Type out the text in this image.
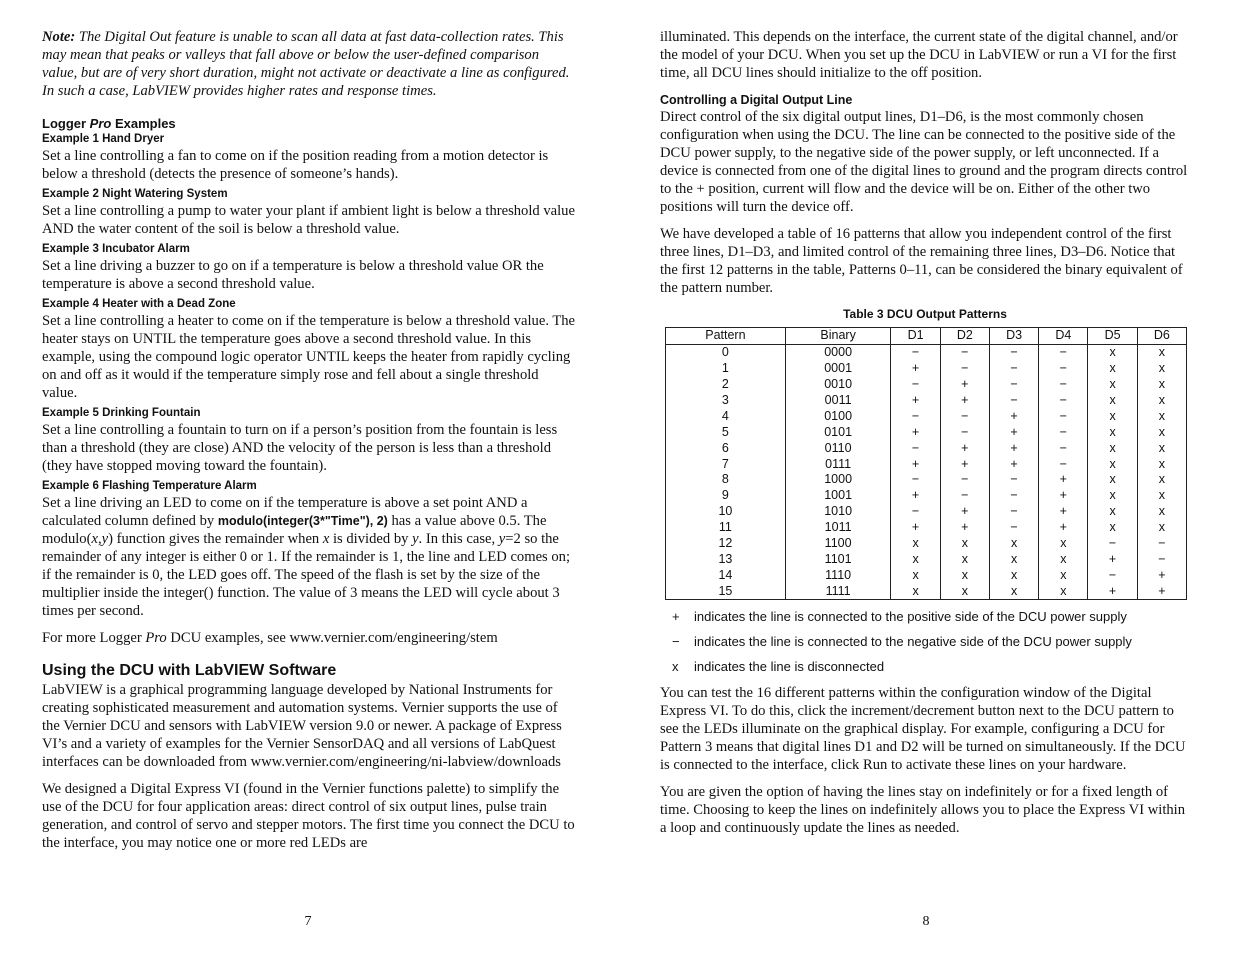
Note: The Digital Out feature is unable to scan all data at fast data-collection rates. This may mean that peaks or valleys that fall above or below the user-defined comparison value, but are of very short duration, might not activate or deactivate a line as configured. In such a case, LabVIEW provides higher rates and response times.

Logger Pro Examples
Example 1 Hand Dryer

Set a line controlling a fan to come on if the position reading from a motion detector is below a threshold (detects the presence of someone’s hands).

Example 2 Night Watering System

Set a line controlling a pump to water your plant if ambient light is below a threshold value AND the water content of the soil is below a threshold value.

Example 3 Incubator Alarm

Set a line driving a buzzer to go on if a temperature is below a threshold value OR the temperature is above a second threshold value.

Example 4 Heater with a Dead Zone

Set a line controlling a heater to come on if the temperature is below a threshold value. The heater stays on UNTIL the temperature goes above a second threshold value. In this example, using the compound logic operator UNTIL keeps the heater from rapidly cycling on and off as it would if the temperature simply rose and fell about a single threshold value.

Example 5 Drinking Fountain

Set a line controlling a fountain to turn on if a person’s position from the fountain is less than a threshold (they are close) AND the velocity of the person is less than a threshold (they have stopped moving toward the fountain).

Example 6 Flashing Temperature Alarm

Set a line driving an LED to come on if the temperature is above a set point AND a calculated column defined by modulo(integer(3*"Time"), 2) has a value above 0.5. The modulo(x,y) function gives the remainder when x is divided by y. In this case, y=2 so the remainder of any integer is either 0 or 1. If the remainder is 1, the line and LED comes on; if the remainder is 0, the LED goes off. The speed of the flash is set by the size of the multiplier inside the integer() function. The value of 3 means the LED will cycle about 3 times per second.

For more Logger Pro DCU examples, see www.vernier.com/engineering/stem

Using the DCU with LabVIEW Software

LabVIEW is a graphical programming language developed by National Instruments for creating sophisticated measurement and automation systems. Vernier supports the use of the Vernier DCU and sensors with LabVIEW version 9.0 or newer. A package of Express VI’s and a variety of examples for the Vernier SensorDAQ and all versions of LabQuest interfaces can be downloaded from www.vernier.com/engineering/ni-labview/downloads

We designed a Digital Express VI (found in the Vernier functions palette) to simplify the use of the DCU for four application areas: direct control of six output lines, pulse train generation, and control of servo and stepper motors. The first time you connect the DCU to the interface, you may notice one or more red LEDs are

7

illuminated. This depends on the interface, the current state of the digital channel, and/or the model of your DCU. When you set up the DCU in LabVIEW or run a VI for the first time, all DCU lines should initialize to the off position.

Controlling a Digital Output Line

Direct control of the six digital output lines, D1–D6, is the most commonly chosen configuration when using the DCU. The line can be connected to the positive side of the DCU power supply, to the negative side of the power supply, or left unconnected. If a device is connected from one of the digital lines to ground and the program directs control to the + position, current will flow and the device will be on. Either of the other two positions will turn the device off.

We have developed a table of 16 patterns that allow you independent control of the first three lines, D1–D3, and limited control of the remaining three lines, D3–D6. Notice that the first 12 patterns in the table, Patterns 0–11, can be considered the binary equivalent of the pattern number.

Table 3 DCU Output Patterns
Pattern	Binary	D1	D2	D3	D4	D5	D6
0	0000	−	−	−	−	x	x
1	0001	+	−	−	−	x	x
2	0010	−	+	−	−	x	x
3	0011	+	+	−	−	x	x
4	0100	−	−	+	−	x	x
5	0101	+	−	+	−	x	x
6	0110	−	+	+	−	x	x
7	0111	+	+	+	−	x	x
8	1000	−	−	−	+	x	x
9	1001	+	−	−	+	x	x
10	1010	−	+	−	+	x	x
11	1011	+	+	−	+	x	x
12	1100	x	x	x	x	−	−
13	1101	x	x	x	x	+	−
14	1110	x	x	x	x	−	+
15	1111	x	x	x	x	+	+
+	indicates the line is connected to the positive side of the DCU power supply
−	indicates the line is connected to the negative side of the DCU power supply
x	indicates the line is disconnected

You can test the 16 different patterns within the configuration window of the Digital Express VI. To do this, click the increment/decrement button next to the DCU pattern to see the LEDs illuminate on the graphical display. For example, configuring a DCU for Pattern 3 means that digital lines D1 and D2 will be turned on simultaneously. If the DCU is connected to the interface, click Run to activate these lines on your hardware.

You are given the option of having the lines stay on indefinitely or for a fixed length of time. Choosing to keep the lines on indefinitely allows you to place the Express VI within a loop and continuously update the lines as needed.

8
